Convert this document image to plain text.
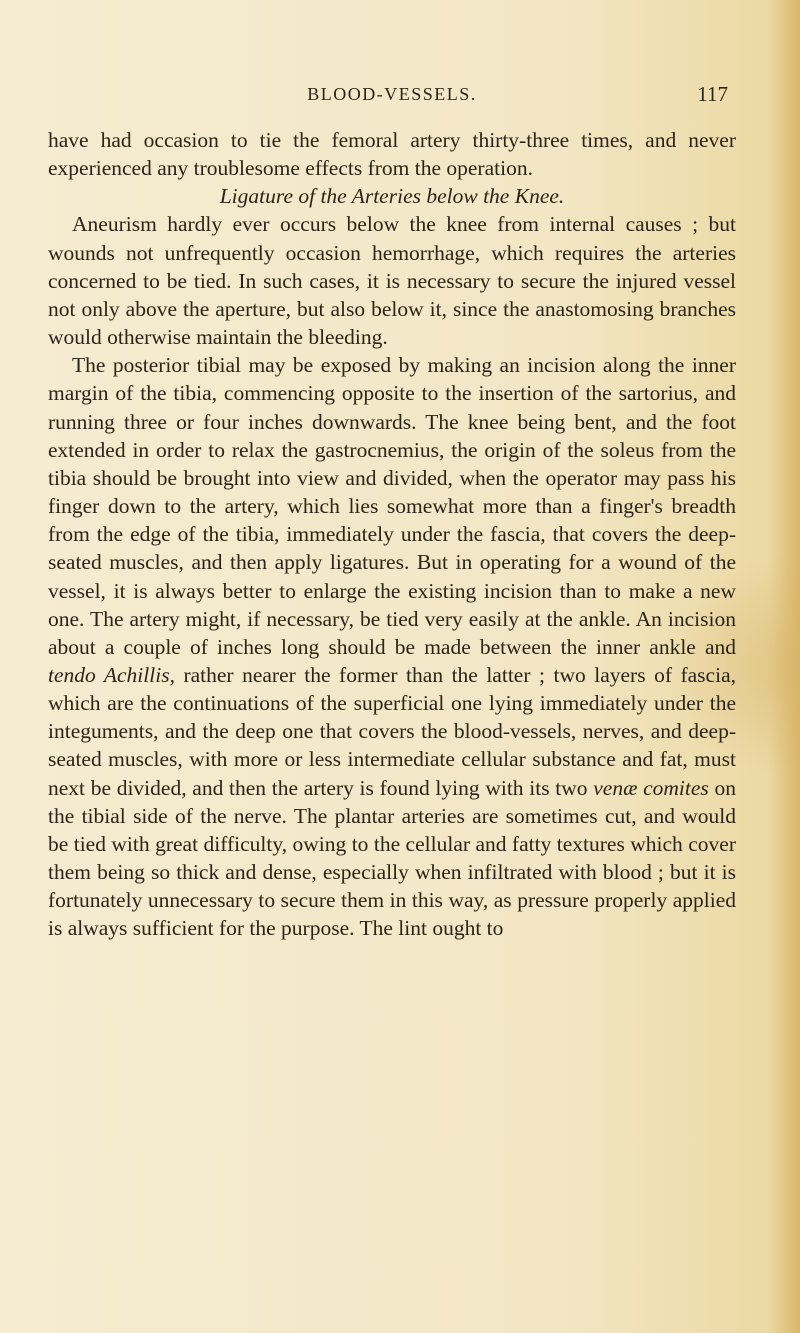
BLOOD-VESSELS.	117

have had occasion to tie the femoral artery thirty-three times, and never experienced any troublesome effects from the operation.

Ligature of the Arteries below the Knee.

Aneurism hardly ever occurs below the knee from internal causes ; but wounds not unfrequently occasion hemorrhage, which requires the arteries concerned to be tied. In such cases, it is necessary to secure the injured vessel not only above the aperture, but also below it, since the anastomosing branches would otherwise maintain the bleeding.

The posterior tibial may be exposed by making an incision along the inner margin of the tibia, commencing opposite to the insertion of the sartorius, and running three or four inches downwards. The knee being bent, and the foot extended in order to relax the gastrocnemius, the origin of the soleus from the tibia should be brought into view and divided, when the operator may pass his finger down to the artery, which lies somewhat more than a finger's breadth from the edge of the tibia, immediately under the fascia, that covers the deep-seated muscles, and then apply ligatures. But in operating for a wound of the vessel, it is always better to enlarge the existing incision than to make a new one. The artery might, if necessary, be tied very easily at the ankle. An incision about a couple of inches long should be made between the inner ankle and tendo Achillis, rather nearer the former than the latter ; two layers of fascia, which are the continuations of the superficial one lying immediately under the integuments, and the deep one that covers the blood-vessels, nerves, and deep-seated muscles, with more or less intermediate cellular substance and fat, must next be divided, and then the artery is found lying with its two venæ comites on the tibial side of the nerve. The plantar arteries are sometimes cut, and would be tied with great difficulty, owing to the cellular and fatty textures which cover them being so thick and dense, especially when infiltrated with blood ; but it is fortunately unnecessary to secure them in this way, as pressure properly applied is always sufficient for the purpose. The lint ought to
